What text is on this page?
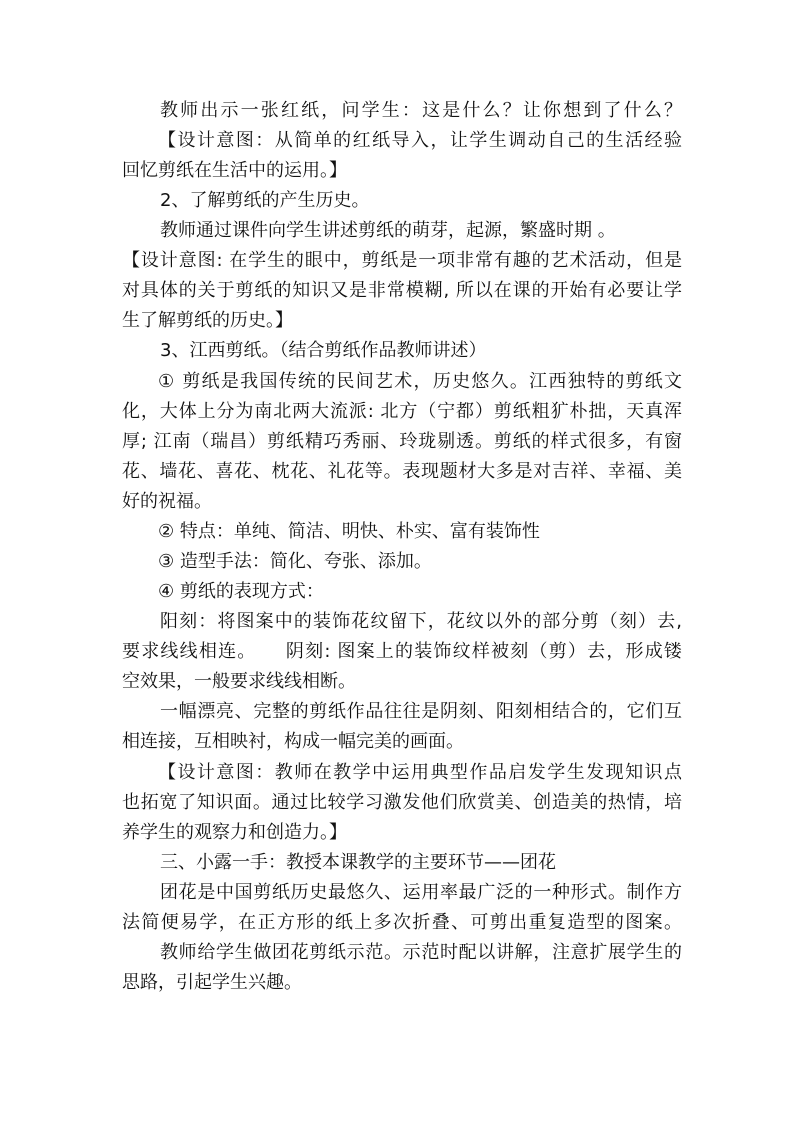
教师出示一张红纸，问学生：这是什么？让你想到了什么？

【设计意图：从简单的红纸导入，让学生调动自己的生活经验

回忆剪纸在生活中的运用。】

2、了解剪纸的产生历史。

教师通过课件向学生讲述剪纸的萌芽，起源，繁盛时期 。

【设计意图: 在学生的眼中，剪纸是一项非常有趣的艺术活动，但是

对具体的关于剪纸的知识又是非常模糊, 所以在课的开始有必要让学

生了解剪纸的历史。】

3、江西剪纸。（结合剪纸作品教师讲述）

① 剪纸是我国传统的民间艺术，历史悠久。江西独特的剪纸文

化，大体上分为南北两大流派: 北方（宁都）剪纸粗犷朴拙，天真浑

厚; 江南（瑞昌）剪纸精巧秀丽、玲珑剔透。剪纸的样式很多，有窗

花、墙花、喜花、枕花、礼花等。表现题材大多是对吉祥、幸福、美

好的祝福。

② 特点：单纯、简洁、明快、朴实、富有装饰性

③ 造型手法：简化、夸张、添加。

④ 剪纸的表现方式：

阳刻：将图案中的装饰花纹留下，花纹以外的部分剪（刻）去,

要求线线相连。　　阴刻: 图案上的装饰纹样被刻（剪）去，形成镂

空效果，一般要求线线相断。

一幅漂亮、完整的剪纸作品往往是阴刻、阳刻相结合的，它们互

相连接，互相映衬，构成一幅完美的画面。

【设计意图：教师在教学中运用典型作品启发学生发现知识点

也拓宽了知识面。通过比较学习激发他们欣赏美、创造美的热情，培

养学生的观察力和创造力。】

三、小露一手：教授本课教学的主要环节——团花

团花是中国剪纸历史最悠久、运用率最广泛的一种形式。制作方

法简便易学，在正方形的纸上多次折叠、可剪出重复造型的图案。

教师给学生做团花剪纸示范。示范时配以讲解，注意扩展学生的

思路，引起学生兴趣。
